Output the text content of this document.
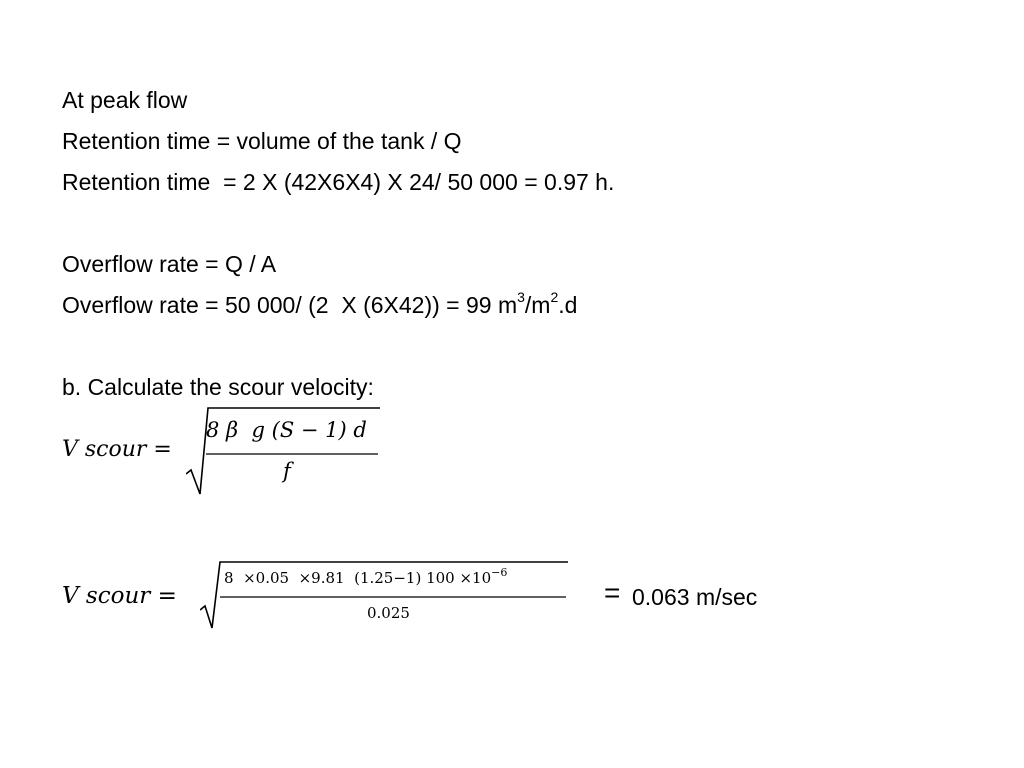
At peak flow
Retention time = volume of the tank / Q
Retention time  = 2 X (42X6X4) X 24/ 50 000 = 0.97 h.
Overflow rate = Q / A
Overflow rate = 50 000/ (2  X (6X42)) = 99 $m^3/m^2.d$
b. Calculate the scour velocity:
V scour =
8 β  g (S − 1) d
f
V scour =
8  ×0.05  ×9.81  (1.25−1) $100 \times 10^{-6}$
0.025
= 0.063 m/sec
